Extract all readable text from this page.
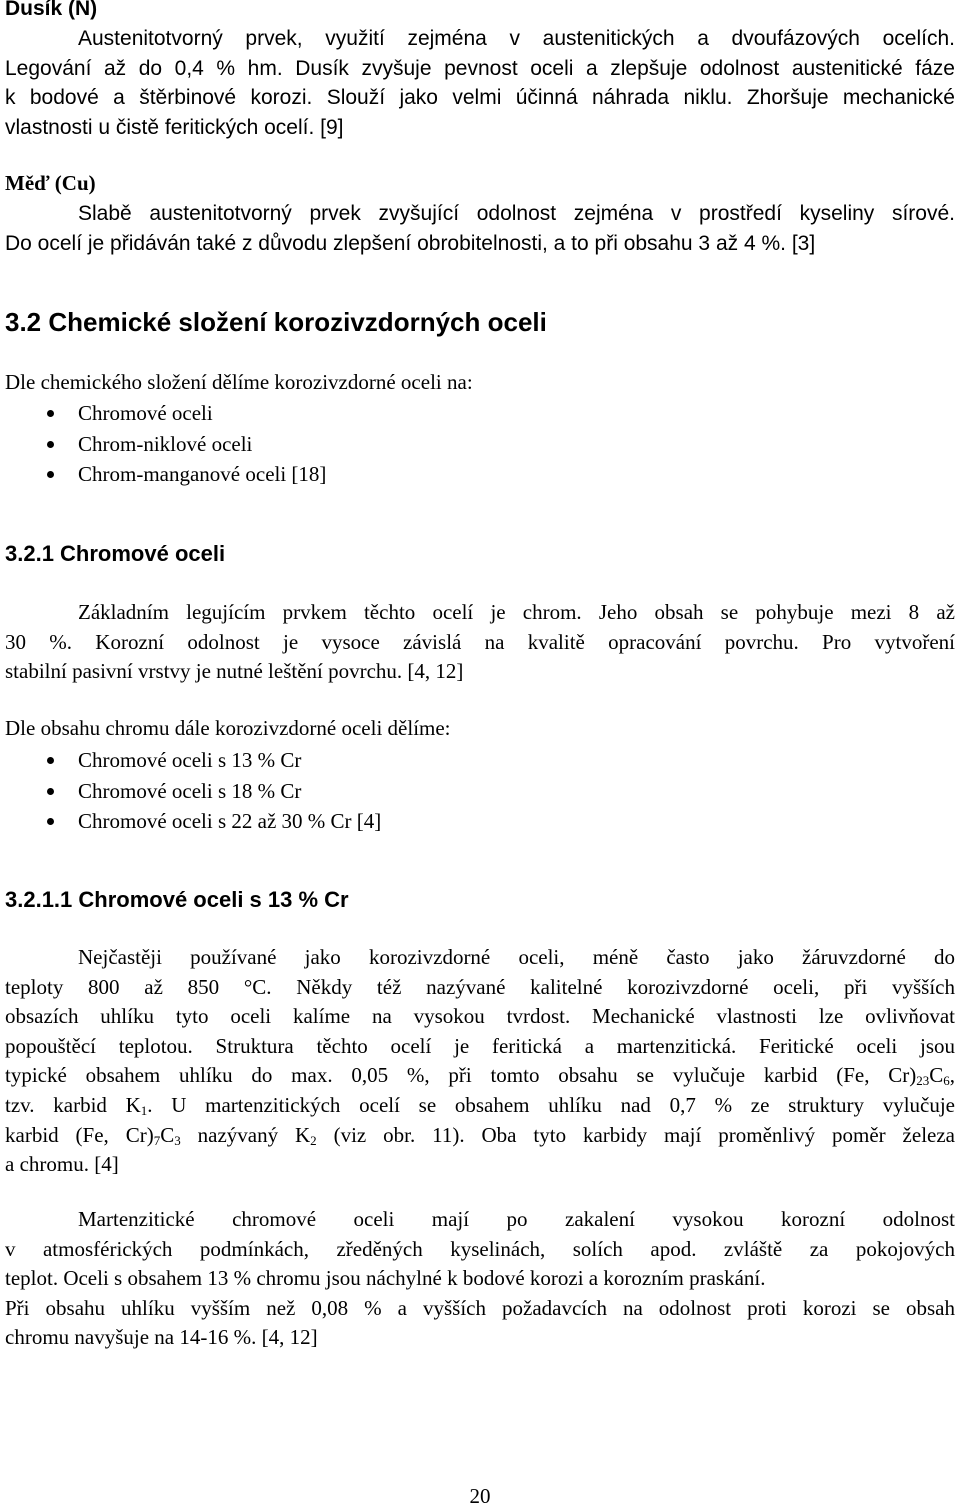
Dusík (N)
Austenitotvorný prvek, využití zejména v austenitických a dvoufázových ocelích.
Legování až do 0,4 % hm. Dusík zvyšuje pevnost oceli a zlepšuje odolnost austenitické fáze
k bodové a štěrbinové korozi. Slouží jako velmi účinná náhrada niklu. Zhoršuje mechanické
vlastnosti u čistě feritických ocelí. [9]
Měď (Cu)
Slabě austenitotvorný prvek zvyšující odolnost zejména v prostředí kyseliny sírové.
Do ocelí je přidáván také z důvodu zlepšení obrobitelnosti, a to při obsahu 3 až 4 %. [3]
3.2 Chemické složení korozivzdorných oceli
Dle chemického složení dělíme korozivzdorné oceli na:
Chromové oceli
Chrom-niklové oceli
Chrom-manganové oceli [18]
3.2.1 Chromové oceli
Základním legujícím prvkem těchto ocelí je chrom. Jeho obsah se pohybuje mezi 8 až
30 %. Korozní odolnost je vysoce závislá na kvalitě opracování povrchu. Pro vytvoření
stabilní pasivní vrstvy je nutné leštění povrchu. [4, 12]
Dle obsahu chromu dále korozivzdorné oceli dělíme:
Chromové oceli s 13 % Cr
Chromové oceli s 18 % Cr
Chromové oceli s 22 až 30 % Cr [4]
3.2.1.1 Chromové oceli s 13 % Cr
Nejčastěji používané jako korozivzdorné oceli, méně často jako žáruvzdorné do
teploty 800 až 850 °C. Někdy též nazývané kalitelné korozivzdorné oceli, při vyšších
obsazích uhlíku tyto oceli kalíme na vysokou tvrdost. Mechanické vlastnosti lze ovlivňovat
popouštěcí teplotou. Struktura těchto ocelí je feritická a martenzitická. Feritické oceli jsou
typické obsahem uhlíku do max. 0,05 %, při tomto obsahu se vylučuje karbid (Fe, $Cr)_{23}C_6$,
tzv. karbid $K_1$. U martenzitických ocelí se obsahem uhlíku nad 0,7 % ze struktury vylučuje
karbid (Fe, $Cr)_7C_3$ nazývaný $K_2$ (viz obr. 11). Oba tyto karbidy mají proměnlivý poměr železa
a chromu. [4]
Martenzitické chromové oceli mají po zakalení vysokou korozní odolnost
v atmosférických podmínkách, zředěných kyselinách, solích apod. zvláště za pokojových
teplot. Oceli s obsahem 13 % chromu jsou náchylné k bodové korozi a korozním praskání.
Při obsahu uhlíku vyšším než 0,08 % a vyšších požadavcích na odolnost proti korozi se obsah
chromu navyšuje na 14-16 %. [4, 12]
20
